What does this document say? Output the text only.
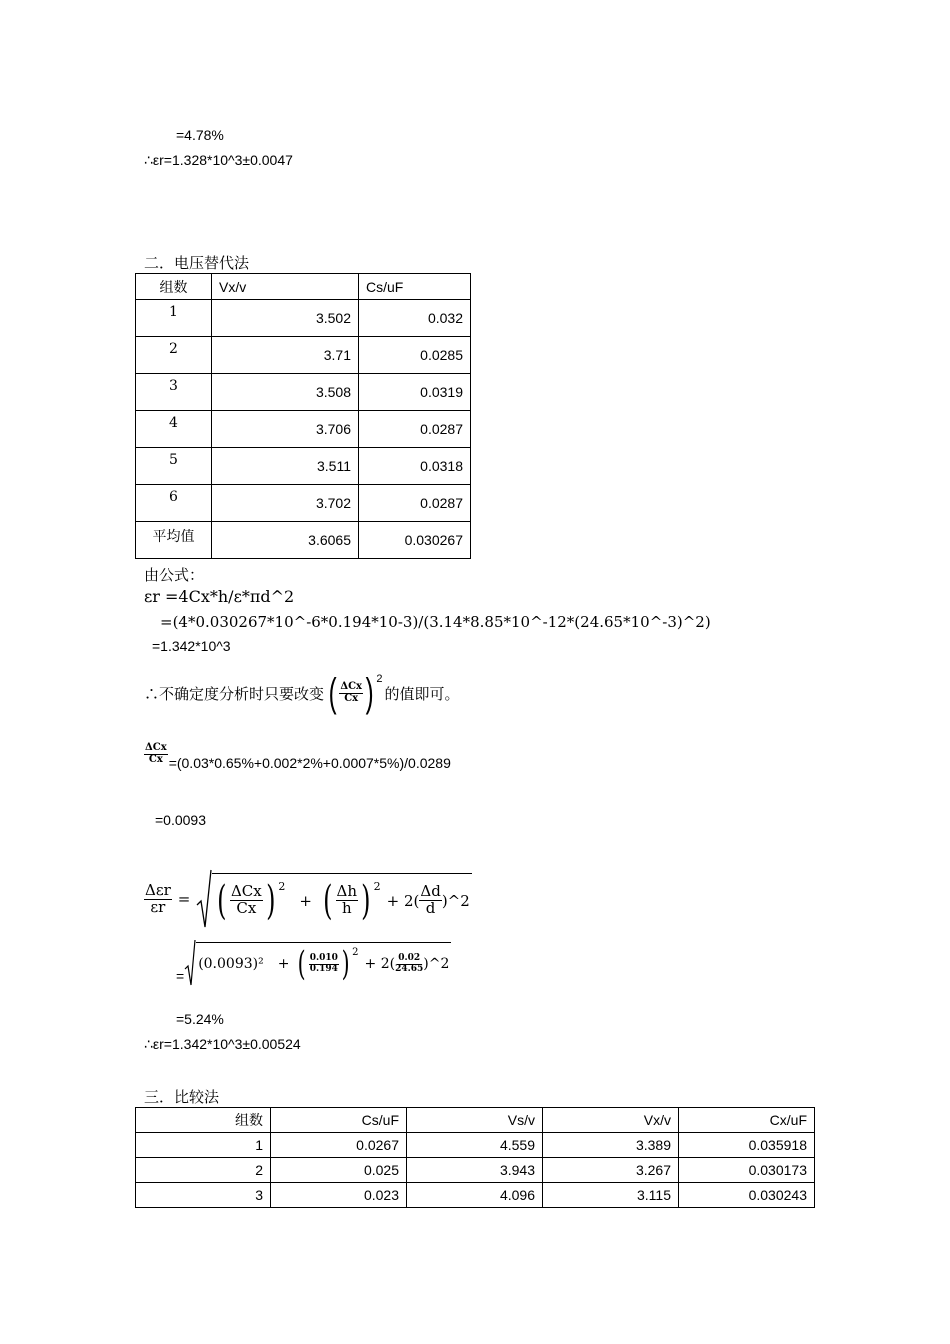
=4.78%
∴εr=1.328*10^3±0.0047
二．电压替代法
组数	Vx/v	Cs/uF
1	3.502	0.032
2	3.71	0.0285
3	3.508	0.0319
4	3.706	0.0287
5	3.511	0.0318
6	3.702	0.0287
平均值	3.6065	0.030267
由公式：
εr =4Cx*h/ε*πd^2
=(4*0.030267*10^-6*0.194*10-3)/(3.14*8.85*10^-12*(24.65*10^-3)^2)
=1.342*10^3
∴不确定度分析时只要改变 ( $\frac{\text{ΔCx}}{Cx}$ ) 2
的值即可。
$\frac{\text{ΔCx}}{Cx} =(0.03*0.65\%+0.002*2\%+0.0007*5\%)/0.0289$
=0.0093
$\frac{\text{Δεr}}{\varepsilon r}$ = ( $\frac{\text{ΔCx}}{Cx}$ ) 2
+ ( $\frac{\Delta h}{h}$ ) 2
+ $2( \frac{\Delta d}{d}$ )^2
=
(0.0093)² + ( $\frac{0.010}{0.194}$ ) 2
+ $2( \frac{0.02}{24.65}$ )^2
=5.24%
∴εr=1.342*10^3±0.00524
三．比较法
组数	Cs/uF	Vs/v	Vx/v	Cx/uF
1	0.0267	4.559	3.389	0.035918
2	0.025	3.943	3.267	0.030173
3	0.023	4.096	3.115	0.030243
